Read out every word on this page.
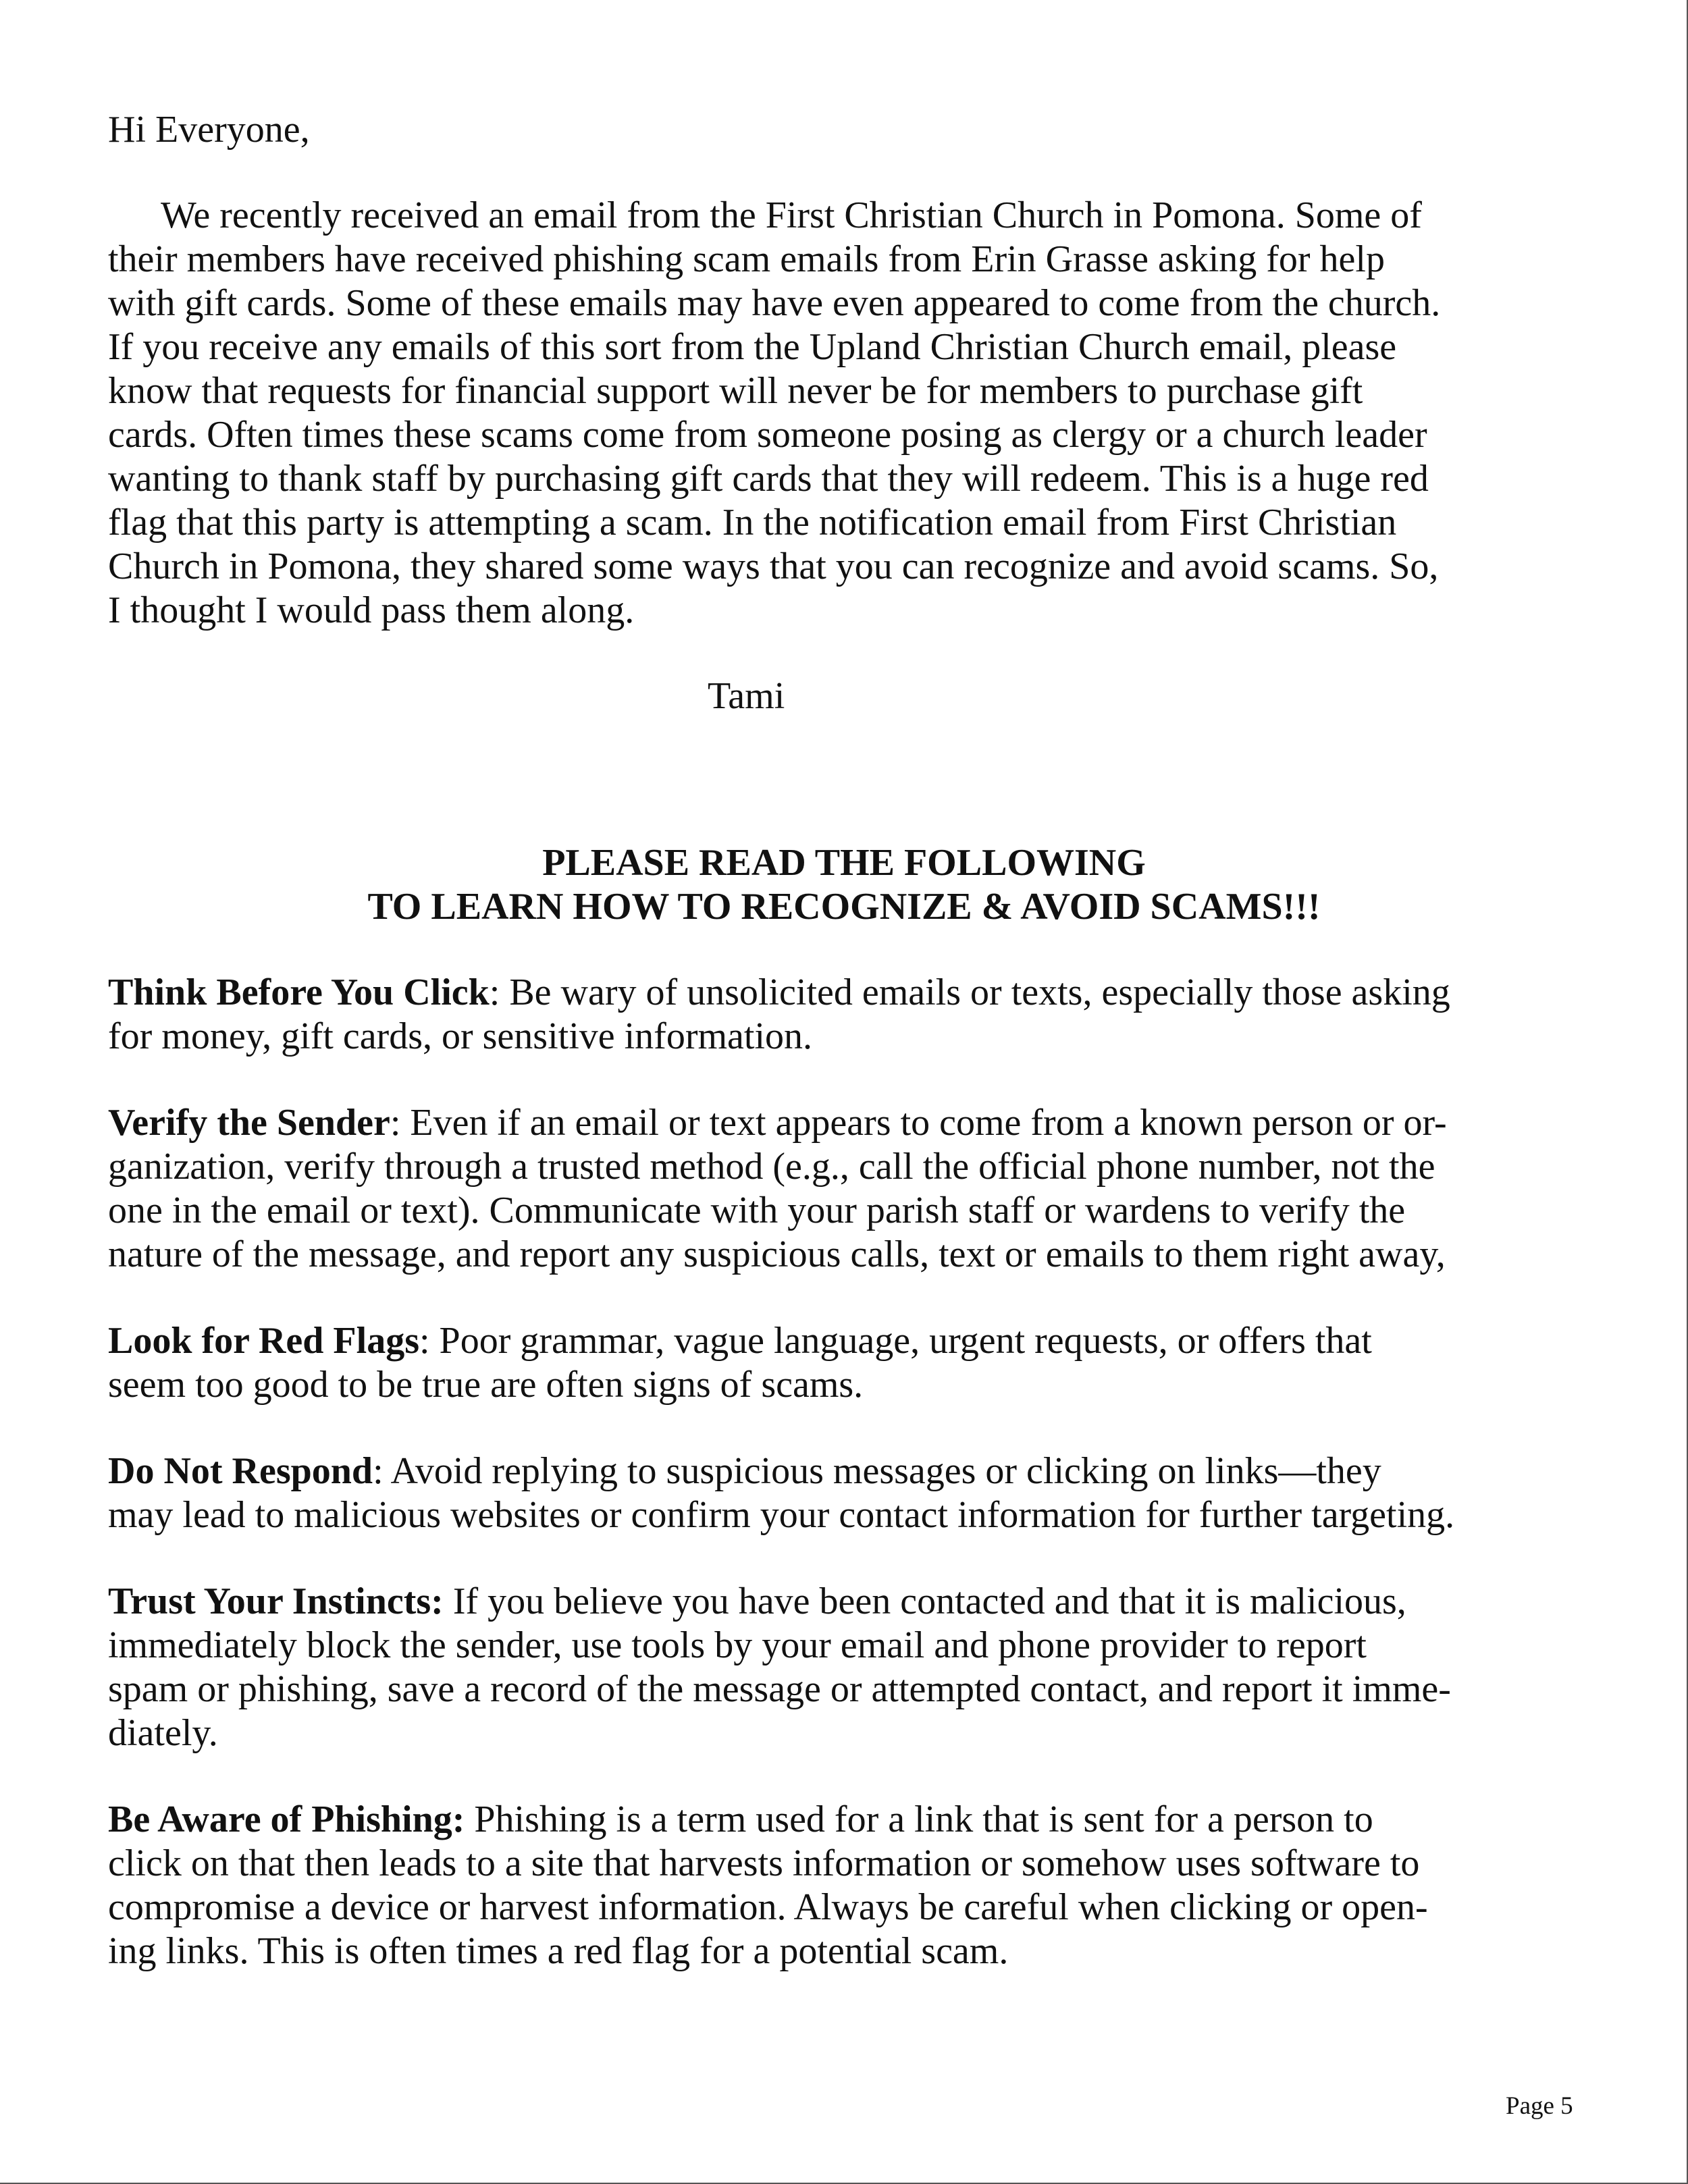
Hi Everyone,

We recently received an email from the First Christian Church in Pomona. Some of
their members have received phishing scam emails from Erin Grasse asking for help
with gift cards. Some of these emails may have even appeared to come from the church.
If you receive any emails of this sort from the Upland Christian Church email, please
know that requests for financial support will never be for members to purchase gift
cards. Often times these scams come from someone posing as clergy or a church leader
wanting to thank staff by purchasing gift cards that they will redeem. This is a huge red
flag that this party is attempting a scam. In the notification email from First Christian
Church in Pomona, they shared some ways that you can recognize and avoid scams. So,
I thought I would pass them along.

Tami

PLEASE READ THE FOLLOWING
TO LEARN HOW TO RECOGNIZE & AVOID SCAMS!!!

Think Before You Click: Be wary of unsolicited emails or texts, especially those asking
for money, gift cards, or sensitive information.

Verify the Sender: Even if an email or text appears to come from a known person or or-
ganization, verify through a trusted method (e.g., call the official phone number, not the
one in the email or text). Communicate with your parish staff or wardens to verify the
nature of the message, and report any suspicious calls, text or emails to them right away,

Look for Red Flags: Poor grammar, vague language, urgent requests, or offers that
seem too good to be true are often signs of scams.

Do Not Respond: Avoid replying to suspicious messages or clicking on links—they
may lead to malicious websites or confirm your contact information for further targeting.

Trust Your Instincts: If you believe you have been contacted and that it is malicious,
immediately block the sender, use tools by your email and phone provider to report
spam or phishing, save a record of the message or attempted contact, and report it imme-
diately.

Be Aware of Phishing: Phishing is a term used for a link that is sent for a person to
click on that then leads to a site that harvests information or somehow uses software to
compromise a device or harvest information. Always be careful when clicking or open-
ing links. This is often times a red flag for a potential scam.

Page 5
